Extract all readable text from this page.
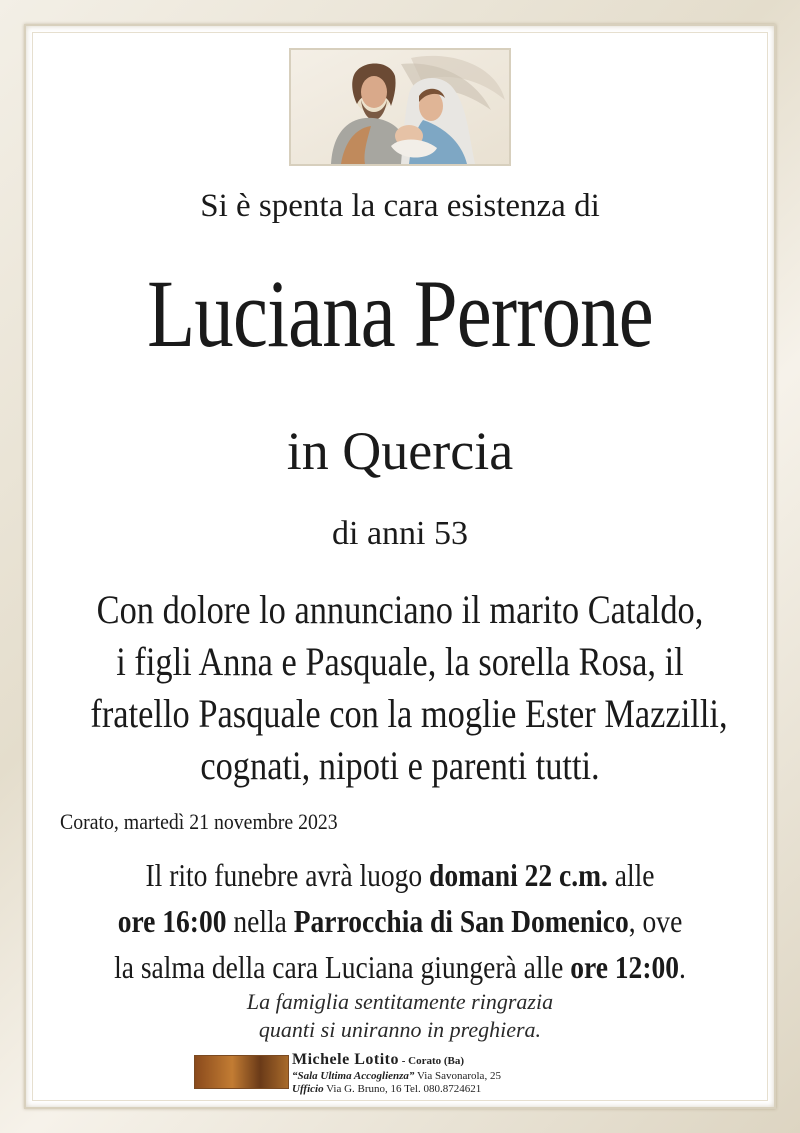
Si è spenta la cara esistenza di
Luciana Perrone
in Quercia
di anni 53
Con dolore lo annunciano il marito Cataldo,
i figli Anna e Pasquale, la sorella Rosa, il
fratello Pasquale con la moglie Ester Mazzilli,
cognati, nipoti e parenti tutti.
Corato, martedì 21 novembre 2023
Il rito funebre avrà luogo domani 22 c.m. alle
ore 16:00 nella Parrocchia di San Domenico, ove
la salma della cara Luciana giungerà alle ore 12:00.
La famiglia sentitamente ringrazia
quanti si uniranno in preghiera.
Michele Lotito - Corato (Ba)
“Sala Ultima Accoglienza” Via Savonarola, 25
Ufficio Via G. Bruno, 16 Tel. 080.8724621
